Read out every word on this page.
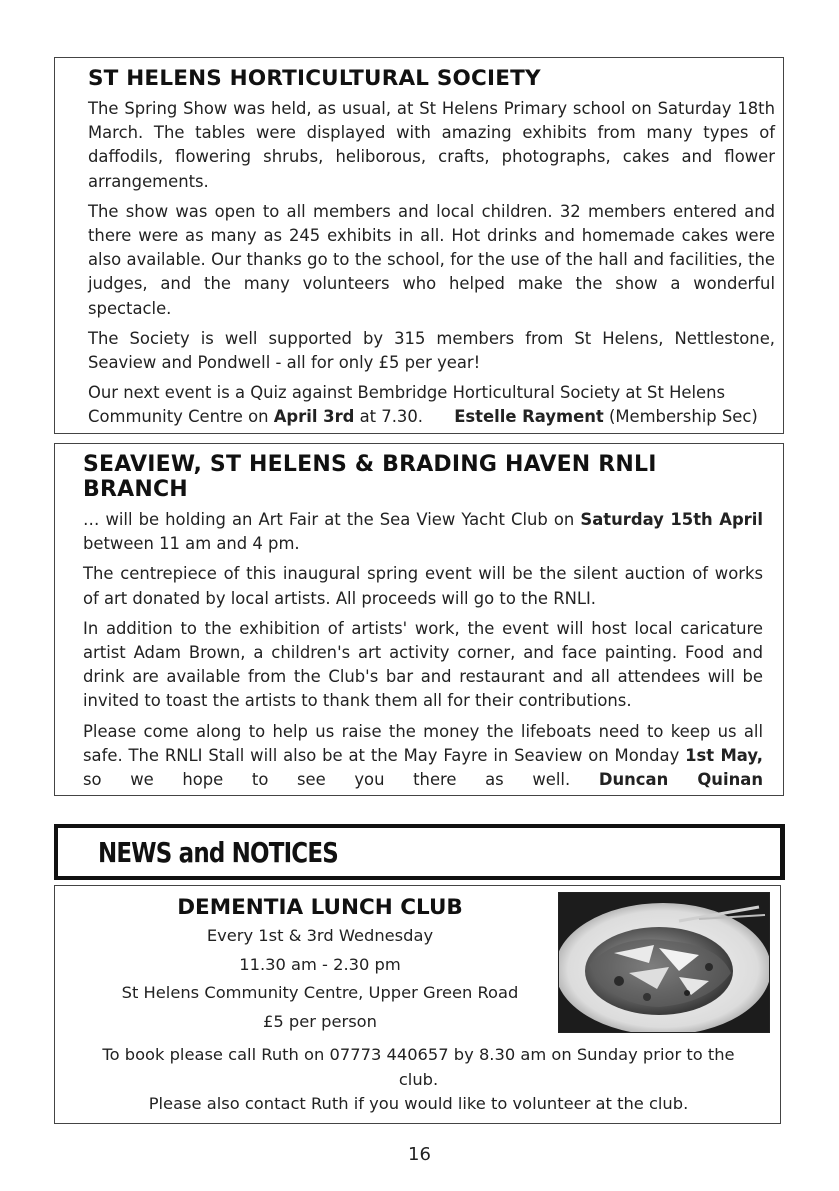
ST HELENS HORTICULTURAL SOCIETY

The Spring Show was held, as usual, at St Helens Primary school on Saturday 18th March. The tables were displayed with amazing exhibits from many types of daffodils, flowering shrubs, heliborous, crafts, photographs, cakes and flower arrangements.

The show was open to all members and local children. 32 members entered and there were as many as 245 exhibits in all. Hot drinks and homemade cakes were also available. Our thanks go to the school, for the use of the hall and facilities, the judges, and the many volunteers who helped make the show a wonderful spectacle.

The Society is well supported by 315 members from St Helens, Nettlestone, Seaview and Pondwell - all for only £5 per year!

Our next event is a Quiz against Bembridge Horticultural Society at St Helens Community Centre on April 3rd at 7.30. Estelle Rayment (Membership Sec)

SEAVIEW, ST HELENS & BRADING HAVEN RNLI BRANCH

… will be holding an Art Fair at the Sea View Yacht Club on Saturday 15th April between 11 am and 4 pm.

The centrepiece of this inaugural spring event will be the silent auction of works of art donated by local artists. All proceeds will go to the RNLI.

In addition to the exhibition of artists' work, the event will host local caricature artist Adam Brown, a children's art activity corner, and face painting. Food and drink are available from the Club's bar and restaurant and all attendees will be invited to toast the artists to thank them all for their contributions.

Please come along to help us raise the money the lifeboats need to keep us all safe. The RNLI Stall will also be at the May Fayre in Seaview on Monday 1st May, so we hope to see you there as well. Duncan Quinan

NEWS and NOTICES
DEMENTIA LUNCH CLUB
Every 1st & 3rd Wednesday
11.30 am - 2.30 pm
St Helens Community Centre, Upper Green Road
£5 per person

To book please call Ruth on 07773 440657 by 8.30 am on Sunday prior to the club.

Please also contact Ruth if you would like to volunteer at the club.

16
